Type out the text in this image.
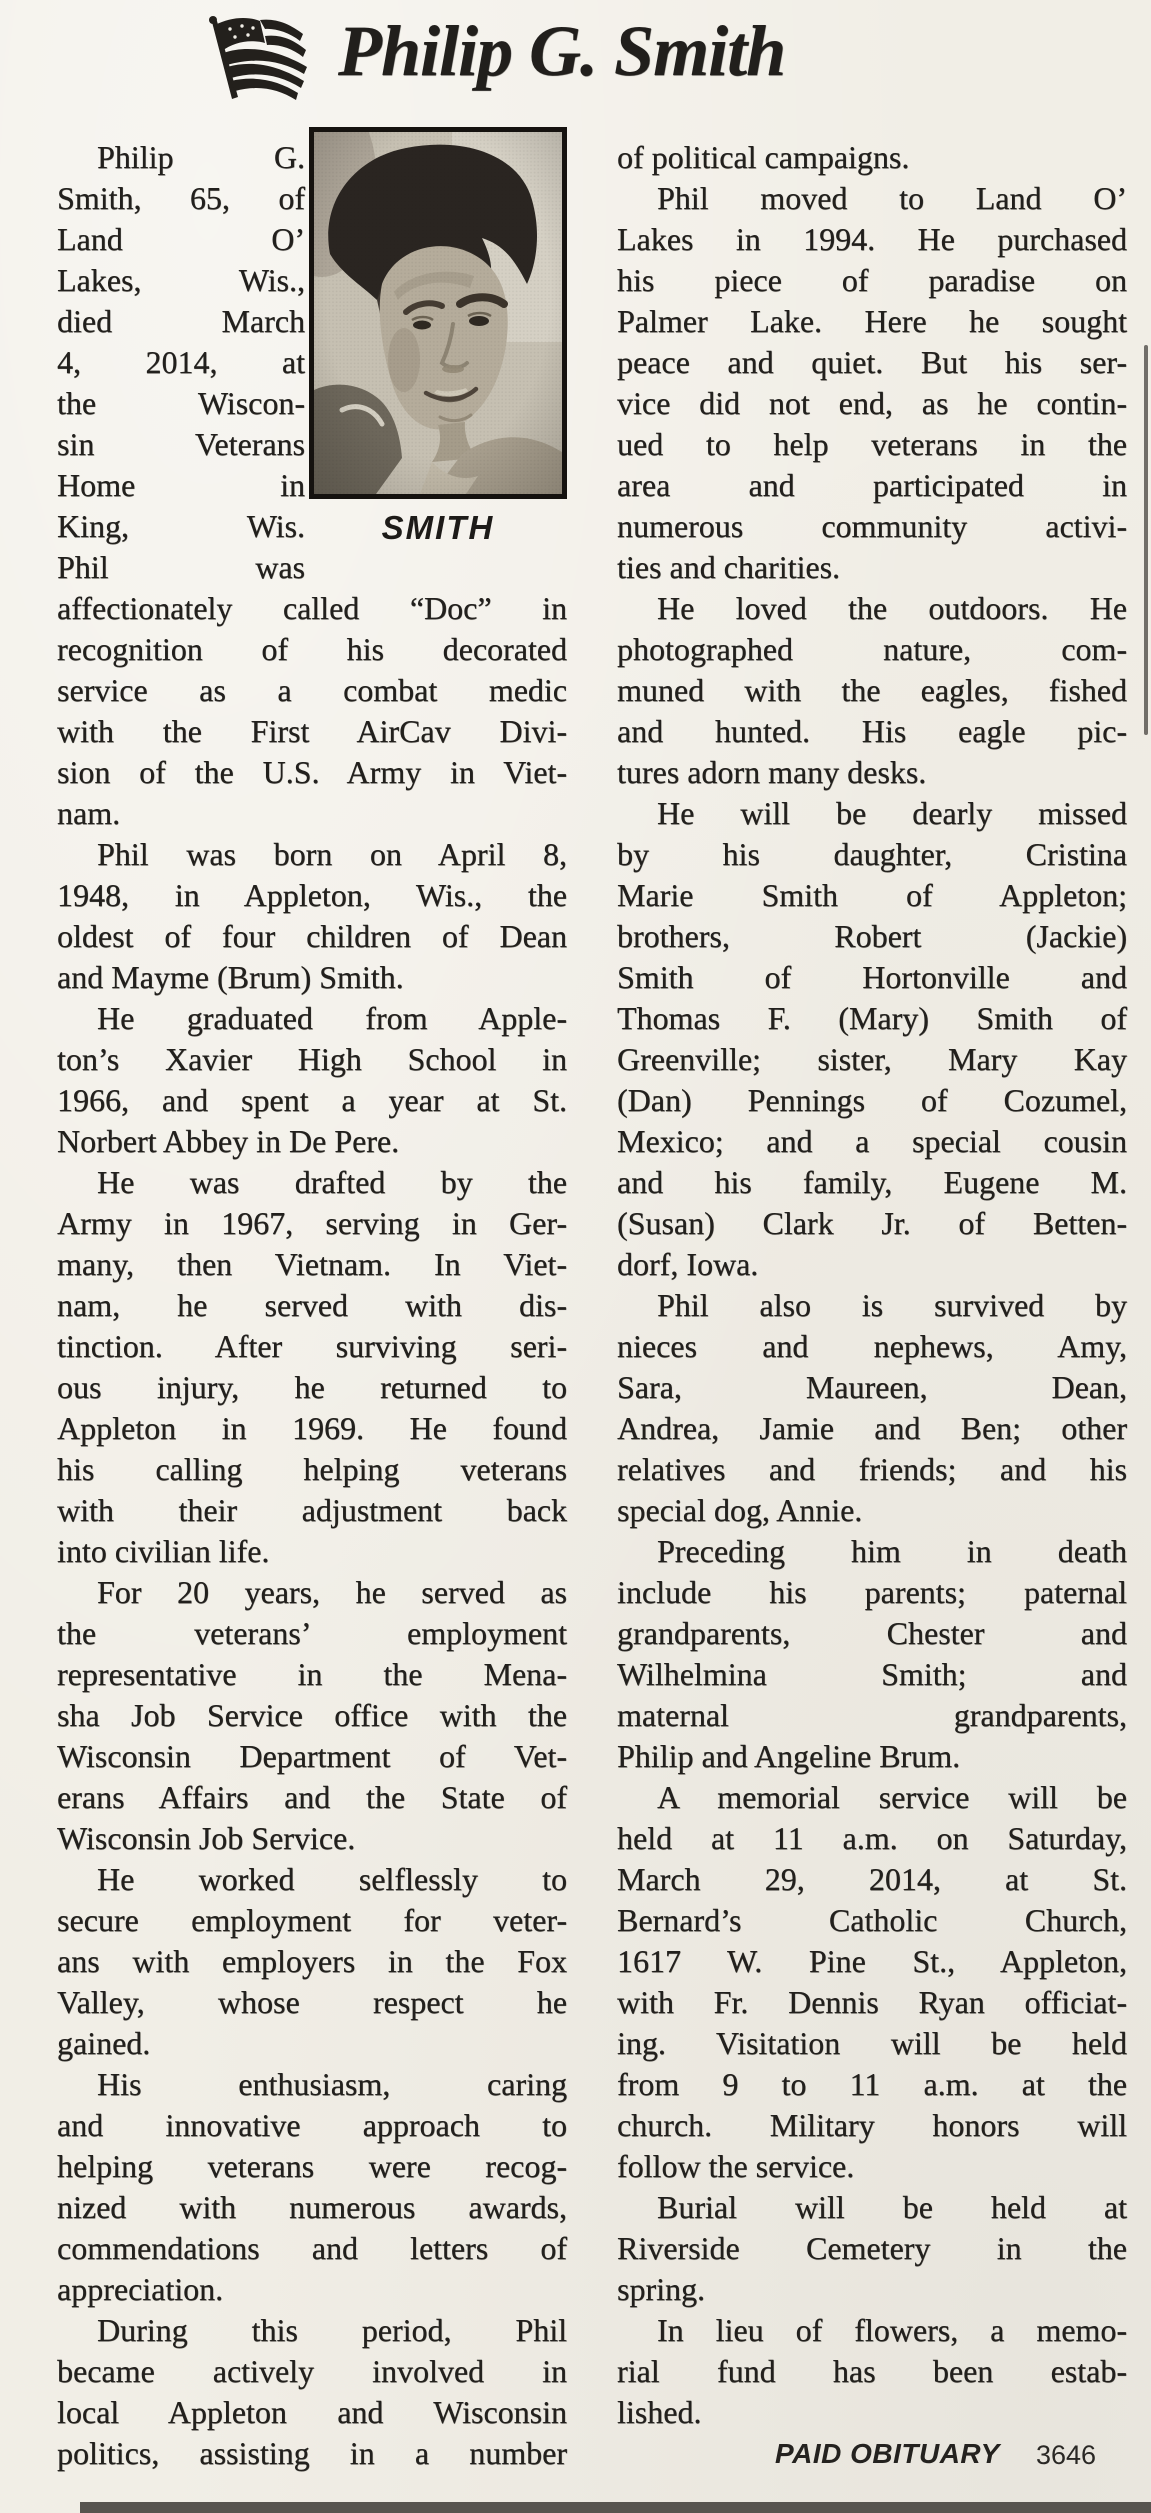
Philip G. Smith
SMITH
Philip G.
Smith, 65, of
Land O’
Lakes, Wis.,
died March
4, 2014, at
the Wiscon-
sin Veterans
Home in
King, Wis.
Phil was
affectionately called “Doc” in
recognition of his decorated
service as a combat medic
with the First AirCav Divi-
sion of the U.S. Army in Viet-
nam.
Phil was born on April 8,
1948, in Appleton, Wis., the
oldest of four children of Dean
and Mayme (Brum) Smith.
He graduated from Apple-
ton’s Xavier High School in
1966, and spent a year at St.
Norbert Abbey in De Pere.
He was drafted by the
Army in 1967, serving in Ger-
many, then Vietnam. In Viet-
nam, he served with dis-
tinction. After surviving seri-
ous injury, he returned to
Appleton in 1969. He found
his calling helping veterans
with their adjustment back
into civilian life.
For 20 years, he served as
the veterans’ employment
representative in the Mena-
sha Job Service office with the
Wisconsin Department of Vet-
erans Affairs and the State of
Wisconsin Job Service.
He worked selflessly to
secure employment for veter-
ans with employers in the Fox
Valley, whose respect he
gained.
His enthusiasm, caring
and innovative approach to
helping veterans were recog-
nized with numerous awards,
commendations and letters of
appreciation.
During this period, Phil
became actively involved in
local Appleton and Wisconsin
politics, assisting in a number
of political campaigns.
Phil moved to Land O’
Lakes in 1994. He purchased
his piece of paradise on
Palmer Lake. Here he sought
peace and quiet. But his ser-
vice did not end, as he contin-
ued to help veterans in the
area and participated in
numerous community activi-
ties and charities.
He loved the outdoors. He
photographed nature, com-
muned with the eagles, fished
and hunted. His eagle pic-
tures adorn many desks.
He will be dearly missed
by his daughter, Cristina
Marie Smith of Appleton;
brothers, Robert (Jackie)
Smith of Hortonville and
Thomas F. (Mary) Smith of
Greenville; sister, Mary Kay
(Dan) Pennings of Cozumel,
Mexico; and a special cousin
and his family, Eugene M.
(Susan) Clark Jr. of Betten-
dorf, Iowa.
Phil also is survived by
nieces and nephews, Amy,
Sara, Maureen, Dean,
Andrea, Jamie and Ben; other
relatives and friends; and his
special dog, Annie.
Preceding him in death
include his parents; paternal
grandparents, Chester and
Wilhelmina Smith; and
maternal grandparents,
Philip and Angeline Brum.
A memorial service will be
held at 11 a.m. on Saturday,
March 29, 2014, at St.
Bernard’s Catholic Church,
1617 W. Pine St., Appleton,
with Fr. Dennis Ryan officiat-
ing. Visitation will be held
from 9 to 11 a.m. at the
church. Military honors will
follow the service.
Burial will be held at
Riverside Cemetery in the
spring.
In lieu of flowers, a memo-
rial fund has been estab-
lished.
PAID OBITUARY 3646
